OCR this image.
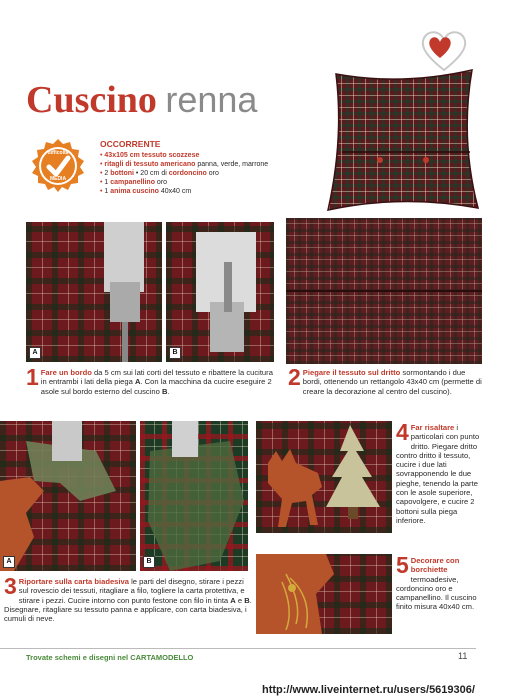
Cuscino renna
difficoltà
MEDIA
OCCORRENTE
• 43x105 cm tessuto scozzese
• ritagli di tessuto americano panna, verde, marrone
• 2 bottoni • 20 cm di cordoncino oro
• 1 campanellino oro
• 1 anima cuscino 40x40 cm
A	B
1 Fare un bordo da 5 cm sui lati corti del tessuto e ribattere la cucitura in entrambi i lati della piega A. Con la macchina da cucire eseguire 2 asole sul bordo esterno del cuscino B.
2 Piegare il tessuto sul dritto sormontando i due bordi, ottenendo un rettangolo 43x40 cm (permette di creare la decorazione al centro del cuscino).
A	B
4 Far risaltare i particolari con punto dritto. Piegare dritto contro dritto il tessuto, cucire i due lati sovrapponendo le due pieghe, tenendo la parte con le asole superiore, capovolgere, e cucire 2 bottoni sulla piega inferiore.
5 Decorare con borchiette termoadesive, cordoncino oro e campanellino. Il cuscino finito misura 40x40 cm.
3 Riportare sulla carta biadesiva le parti del disegno, stirare i pezzi sul rovescio dei tessuti, ritagliare a filo, togliere la carta protettiva, e stirare i pezzi. Cucire intorno con punto festone con filo in tinta A e B. Disegnare, ritagliare su tessuto panna e applicare, con carta biadesiva, i cumuli di neve.
Trovate schemi e disegni nel CARTAMODELLO	11
http://www.liveinternet.ru/users/5619306/
